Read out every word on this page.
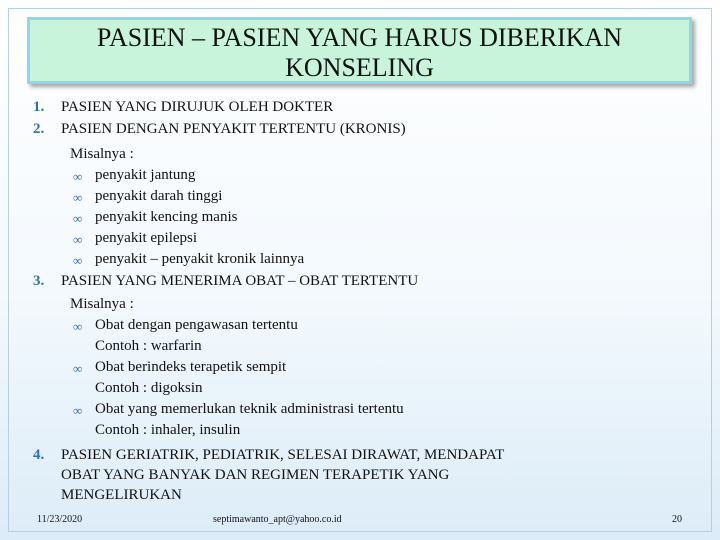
PASIEN – PASIEN YANG HARUS DIBERIKAN
KONSELING
1. PASIEN YANG DIRUJUK OLEH DOKTER
2. PASIEN DENGAN PENYAKIT TERTENTU (KRONIS)
Misalnya :
∞ penyakit jantung
∞ penyakit darah tinggi
∞ penyakit kencing manis
∞ penyakit epilepsi
∞ penyakit – penyakit kronik lainnya
3. PASIEN YANG MENERIMA OBAT – OBAT TERTENTU
Misalnya :
∞ Obat dengan pengawasan tertentu
Contoh : warfarin
∞ Obat berindeks terapetik sempit
Contoh : digoksin
∞ Obat yang memerlukan teknik administrasi tertentu
Contoh : inhaler, insulin
4. PASIEN GERIATRIK, PEDIATRIK, SELESAI DIRAWAT, MENDAPAT
OBAT YANG BANYAK DAN REGIMEN TERAPETIK YANG
MENGELIRUKAN
11/23/2020	septimawanto_apt@yahoo.co.id	20
